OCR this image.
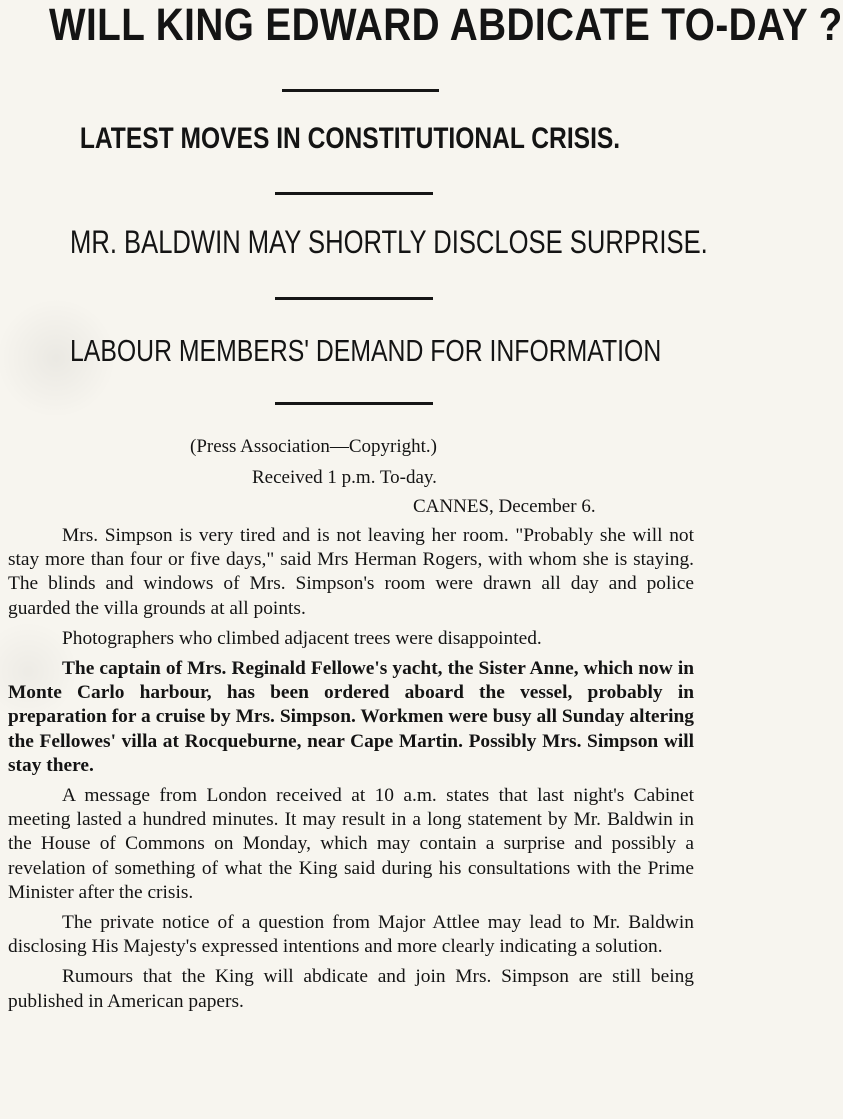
WILL KING EDWARD ABDICATE TO-DAY ?
LATEST MOVES IN CONSTITUTIONAL CRISIS.
MR. BALDWIN MAY SHORTLY DISCLOSE SURPRISE.
LABOUR MEMBERS' DEMAND FOR INFORMATION
(Press Association—Copyright.)
Received 1 p.m. To-day.
CANNES, December 6.

Mrs. Simpson is very tired and is not leaving her room. "Probably she will not stay more than four or five days," said Mrs Herman Rogers, with whom she is staying. The blinds and windows of Mrs. Simpson's room were drawn all day and police guarded the villa grounds at all points.

Photographers who climbed adjacent trees were disappointed.

The captain of Mrs. Reginald Fellowe's yacht, the Sister Anne, which now in Monte Carlo harbour, has been ordered aboard the vessel, probably in preparation for a cruise by Mrs. Simpson. Workmen were busy all Sunday altering the Fellowes' villa at Rocqueburne, near Cape Martin. Possibly Mrs. Simpson will stay there.

A message from London received at 10 a.m. states that last night's Cabinet meeting lasted a hundred minutes. It may result in a long statement by Mr. Baldwin in the House of Commons on Monday, which may contain a surprise and possibly a revelation of something of what the King said during his consultations with the Prime Minister after the crisis.

The private notice of a question from Major Attlee may lead to Mr. Baldwin disclosing His Majesty's expressed intentions and more clearly indicating a solution.

Rumours that the King will abdicate and join Mrs. Simpson are still being published in American papers.
